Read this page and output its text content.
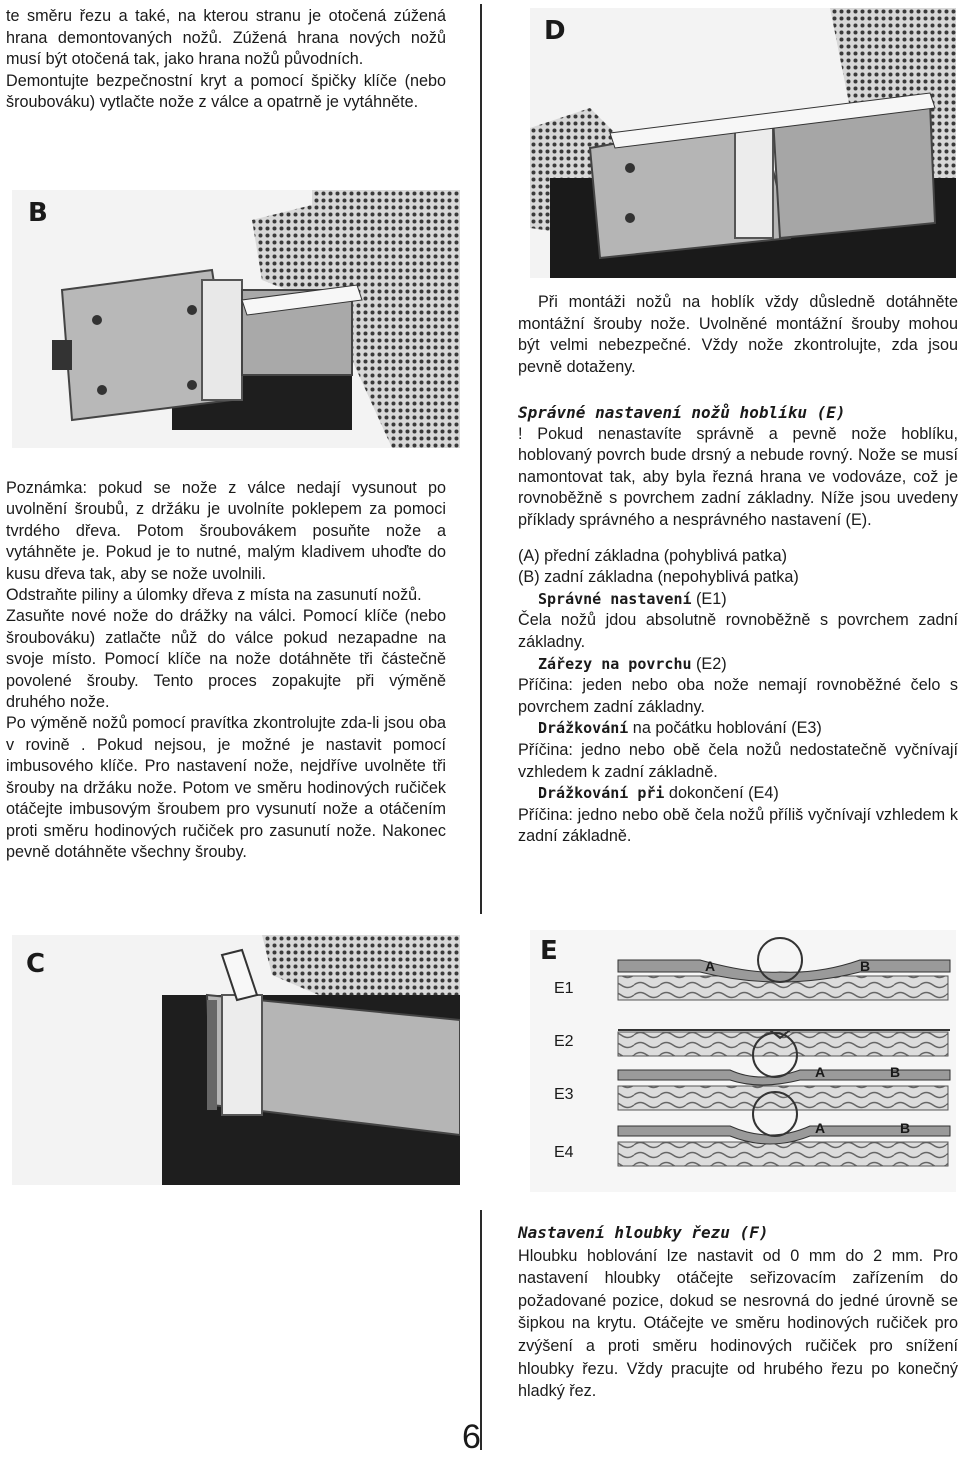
te směru řezu a také, na kterou stranu je otočená zúžená hrana demontovaných nožů. Zúžená hrana nových nožů musí být otočená tak, jako hrana nožů původních.

Demontujte bezpečnostní kryt a pomocí špičky klíče (nebo šroubováku) vytlačte nože z válce a opatrně je vytáhněte.

B

Poznámka: pokud se nože z válce nedají vysunout po uvolnění šroubů, z držáku je uvolníte poklepem za pomoci tvrdého dřeva. Potom šroubovákem posuňte nože a vytáhněte je. Pokud je to nutné, malým kladivem uhoďte do kusu dřeva tak, aby se nože uvolnili.

Odstraňte piliny a úlomky dřeva z místa na zasunutí nožů.

Zasuňte nové nože do drážky na válci. Pomocí klíče (nebo šroubováku) zatlačte nůž do válce pokud nezapadne na svoje místo. Pomocí klíče na nože dotáhněte tři částečně povolené šrouby. Tento proces zopakujte při výměně druhého nože.

Po výměně nožů pomocí pravítka zkontrolujte zda-li jsou oba v rovině . Pokud nejsou, je možné je nastavit pomocí imbusového klíče. Pro nastavení nože, nejdříve uvolněte tři šrouby na držáku nože. Potom ve směru hodinových ručiček otáčejte imbusovým šroubem pro vysunutí nože a otáčením proti směru hodinových ručiček pro zasunutí nože. Nakonec pevně dotáhněte všechny šrouby.

C
D

Při montáži nožů na hoblík vždy důsledně dotáhněte montážní šrouby nože. Uvolněné montážní šrouby mohou být velmi nebezpečné. Vždy nože zkontrolujte, zda jsou pevně dotaženy.

Správné nastavení nožů hoblíku (E)

! Pokud nenastavíte správně a pevně nože hoblíku, hoblovaný povrch bude drsný a nebude rovný. Nože se musí namontovat tak, aby byla řezná hrana ve vodováze, což je rovnoběžně s povrchem zadní základny. Níže jsou uvedeny příklady správného a nesprávného nastavení (E).

(A) přední základna (pohyblivá patka)

(B) zadní základna (nepohyblivá patka)

Správné nastavení (E1)

Čela nožů jdou absolutně rovnoběžně s povrchem zadní základny.

Zářezy na povrchu (E2)

Příčina: jeden nebo oba nože nemají rovnoběžné čelo s povrchem zadní základny.

Drážkování na počátku hoblování (E3)

Příčina: jedno nebo obě čela nožů nedostatečně vyčnívají vzhledem k zadní základně.

Drážkování při dokončení (E4)

Příčina: jedno nebo obě čela nožů příliš vyčnívají vzhledem k zadní základně.

E
E1
E2
E3
E4
A	B
A	B
A	B

Nastavení hloubky řezu (F)

Hloubku hoblování lze nastavit od 0 mm do 2 mm. Pro nastavení hloubky otáčejte seřizovacím zařízením do požadované pozice, dokud se nesrovná do jedné úrovně se šipkou na krytu. Otáčejte ve směru hodinových ručiček pro zvýšení a proti směru hodinových ručiček pro snížení hloubky řezu. Vždy pracujte od hrubého řezu po konečný hladký řez.

6
